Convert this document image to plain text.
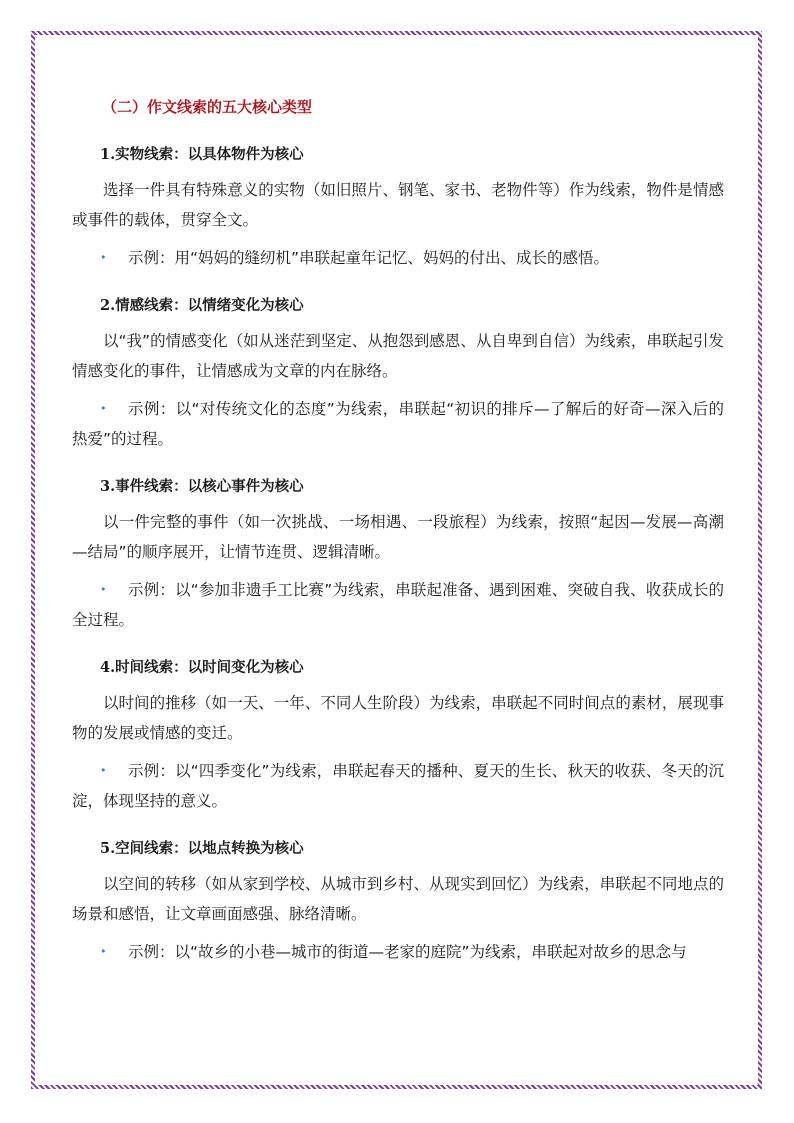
（二）作文线索的五大核心类型
1.实物线索：以具体物件为核心
选择一件具有特殊意义的实物（如旧照片、钢笔、家书、老物件等）作为线索，物件是情感或事件的载体，贯穿全文。
•	示例：用“妈妈的缝纫机”串联起童年记忆、妈妈的付出、成长的感悟。
2.情感线索：以情绪变化为核心
以“我”的情感变化（如从迷茫到坚定、从抱怨到感恩、从自卑到自信）为线索，串联起引发情感变化的事件，让情感成为文章的内在脉络。
•	示例：以“对传统文化的态度”为线索，串联起“初识的排斥—了解后的好奇—深入后的热爱”的过程。
3.事件线索：以核心事件为核心
以一件完整的事件（如一次挑战、一场相遇、一段旅程）为线索，按照“起因—发展—高潮—结局”的顺序展开，让情节连贯、逻辑清晰。
•	示例：以“参加非遗手工比赛”为线索，串联起准备、遇到困难、突破自我、收获成长的全过程。
4.时间线索：以时间变化为核心
以时间的推移（如一天、一年、不同人生阶段）为线索，串联起不同时间点的素材，展现事物的发展或情感的变迁。
•	示例：以“四季变化”为线索，串联起春天的播种、夏天的生长、秋天的收获、冬天的沉淀，体现坚持的意义。
5.空间线索：以地点转换为核心
以空间的转移（如从家到学校、从城市到乡村、从现实到回忆）为线索，串联起不同地点的场景和感悟，让文章画面感强、脉络清晰。
•	示例：以“故乡的小巷—城市的街道—老家的庭院”为线索，串联起对故乡的思念与
